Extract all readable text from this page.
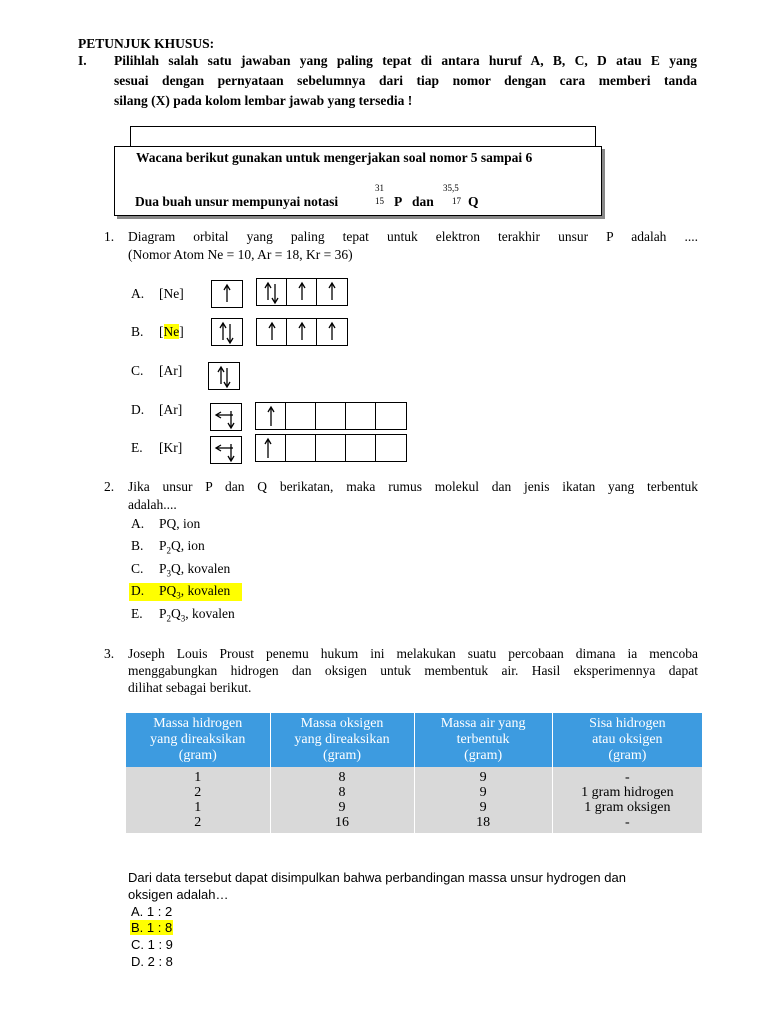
PETUNJUK KHUSUS:
I. Pilihlah salah satu jawaban yang paling tepat di antara huruf A, B, C, D atau E yang
sesuai dengan pernyataan sebelumnya dari tiap nomor dengan cara memberi tanda
silang (X) pada kolom lembar jawab yang tersedia !
Wacana berikut gunakan untuk mengerjakan soal nomor 5 sampai 6
Dua buah unsur mempunyai notasi
31
15 P dan
35,5
17 Q
1. Diagram orbital yang paling tepat untuk elektron terakhir unsur P adalah ....
(Nomor Atom Ne = 10, Ar = 18, Kr = 36)
A. [Ne]
B. [Ne]
C. [Ar]
D. [Ar]
E. [Kr]
2. Jika unsur P dan Q berikatan, maka rumus molekul dan jenis ikatan yang terbentuk
adalah....
A. PQ, ion
B. $P_2Q$, ion
C. $P_3Q$, kovalen
D. $PQ_3$, kovalen
E. $P_2Q_3$, kovalen
3. Joseph Louis Proust penemu hukum ini melakukan suatu percobaan dimana ia mencoba
menggabungkan hidrogen dan oksigen untuk membentuk air. Hasil eksperimennya dapat
dilihat sebagai berikut.
Massa hidrogen
yang direaksikan
(gram)	Massa oksigen
yang direaksikan
(gram)	Massa air yang
terbentuk
(gram)	Sisa hidrogen
atau oksigen
(gram)
1	8	9	-
2	8	9	1 gram hidrogen
1	9	9	1 gram oksigen
2	16	18	-
Dari data tersebut dapat disimpulkan bahwa perbandingan massa unsur hydrogen dan
oksigen adalah…
A. 1 : 2
B. 1 : 8
C. 1 : 9
D. 2 : 8
